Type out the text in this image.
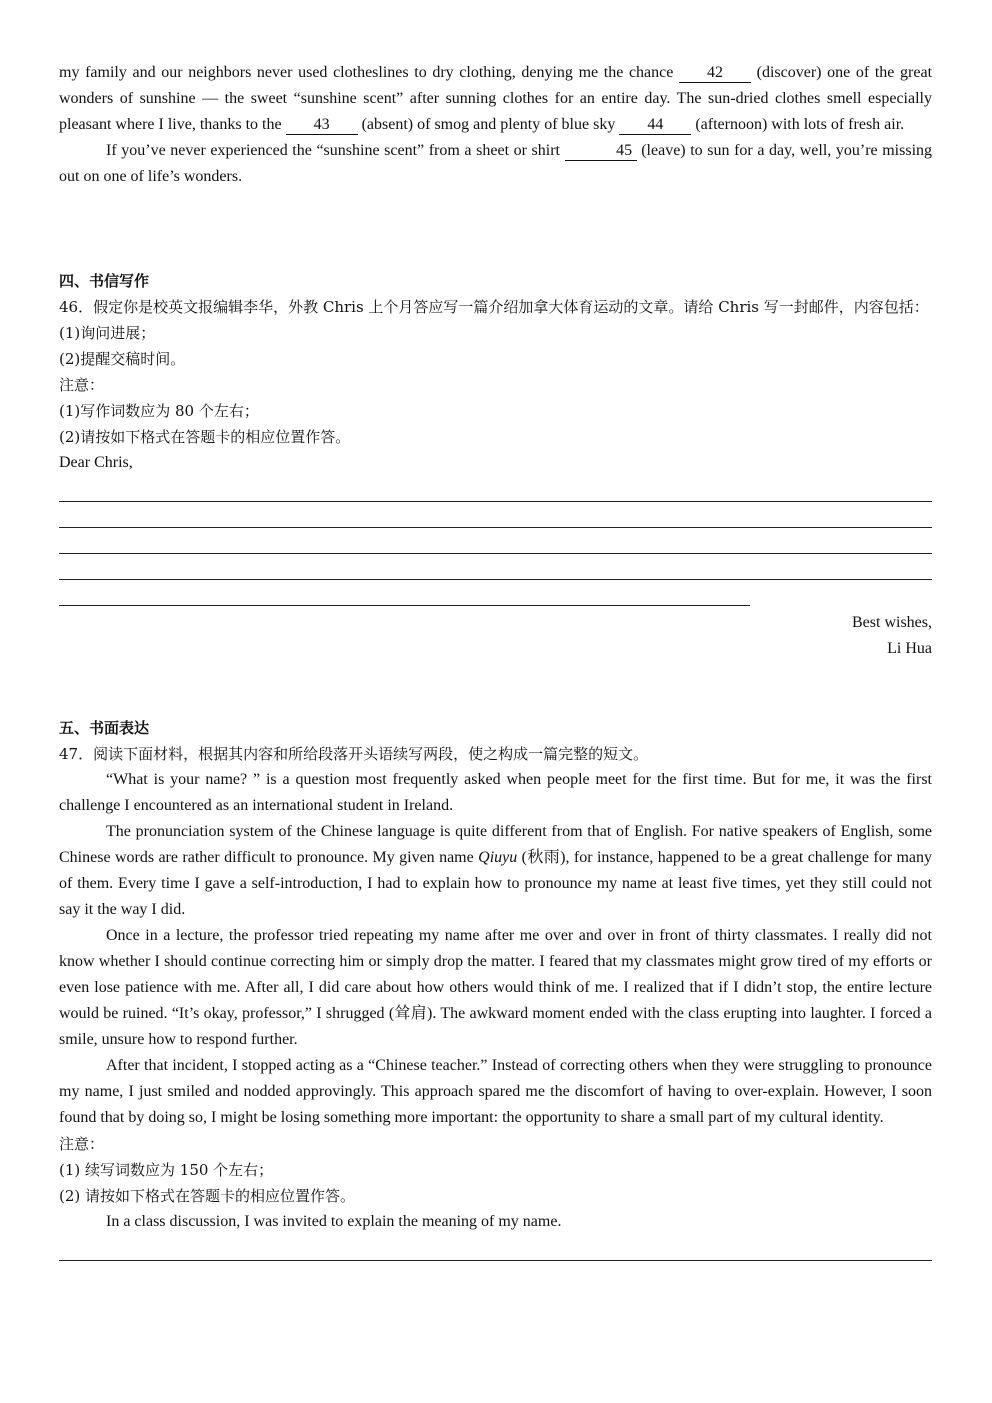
my family and our neighbors never used clotheslines to dry clothing, denying me the chance 42 (discover) one of the great wonders of sunshine — the sweet “sunshine scent” after sunning clothes for an entire day. The sun-dried clothes smell especially pleasant where I live, thanks to the 43 (absent) of smog and plenty of blue sky 44 (afternoon) with lots of fresh air.

If you’ve never experienced the “sunshine scent” from a sheet or shirt	45 (leave) to sun for a day, well, you’re missing out on one of life’s wonders.

四、书信写作

46．假定你是校英文报编辑李华，外教 Chris 上个月答应写一篇介绍加拿大体育运动的文章。请给 Chris 写一封邮件，内容包括：

(1)询问进展；

(2)提醒交稿时间。

注意：

(1)写作词数应为 80 个左右；

(2)请按如下格式在答题卡的相应位置作答。

Dear Chris,

Best wishes,

Li Hua

五、书面表达

47．阅读下面材料，根据其内容和所给段落开头语续写两段，使之构成一篇完整的短文。

“What is your name? ” is a question most frequently asked when people meet for the first time. But for me, it was the first challenge I encountered as an international student in Ireland.

The pronunciation system of the Chinese language is quite different from that of English. For native speakers of English, some Chinese words are rather difficult to pronounce. My given name Qiuyu (秋雨), for instance, happened to be a great challenge for many of them. Every time I gave a self-introduction, I had to explain how to pronounce my name at least five times, yet they still could not say it the way I did.

Once in a lecture, the professor tried repeating my name after me over and over in front of thirty classmates. I really did not know whether I should continue correcting him or simply drop the matter. I feared that my classmates might grow tired of my efforts or even lose patience with me. After all, I did care about how others would think of me. I realized that if I didn’t stop, the entire lecture would be ruined. “It’s okay, professor,” I shrugged (耸肩). The awkward moment ended with the class erupting into laughter. I forced a smile, unsure how to respond further.

After that incident, I stopped acting as a “Chinese teacher.” Instead of correcting others when they were struggling to pronounce my name, I just smiled and nodded approvingly. This approach spared me the discomfort of having to over-explain. However, I soon found that by doing so, I might be losing something more important: the opportunity to share a small part of my cultural identity.

注意：

(1) 续写词数应为 150 个左右；

(2) 请按如下格式在答题卡的相应位置作答。

In a class discussion, I was invited to explain the meaning of my name.
